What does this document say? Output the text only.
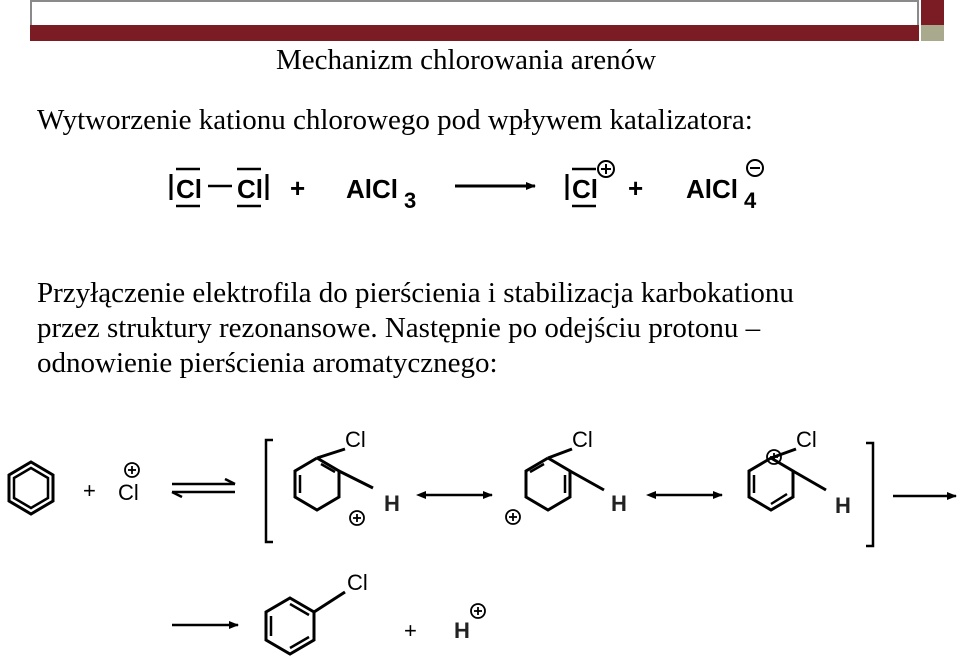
Mechanizm chlorowania arenów
Wytworzenie kationu chlorowego pod wpływem katalizatora:
Przyłączenie elektrofila do pierścienia i stabilizacja karbokationu
przez struktury rezonansowe. Następnie po odejściu protonu –
odnowienie pierścienia aromatycznego:
Cl Cl + AlCl 3	Cl + AlCl 4
+ Cl
Cl
H
Cl
H
Cl
H
Cl
+ H
